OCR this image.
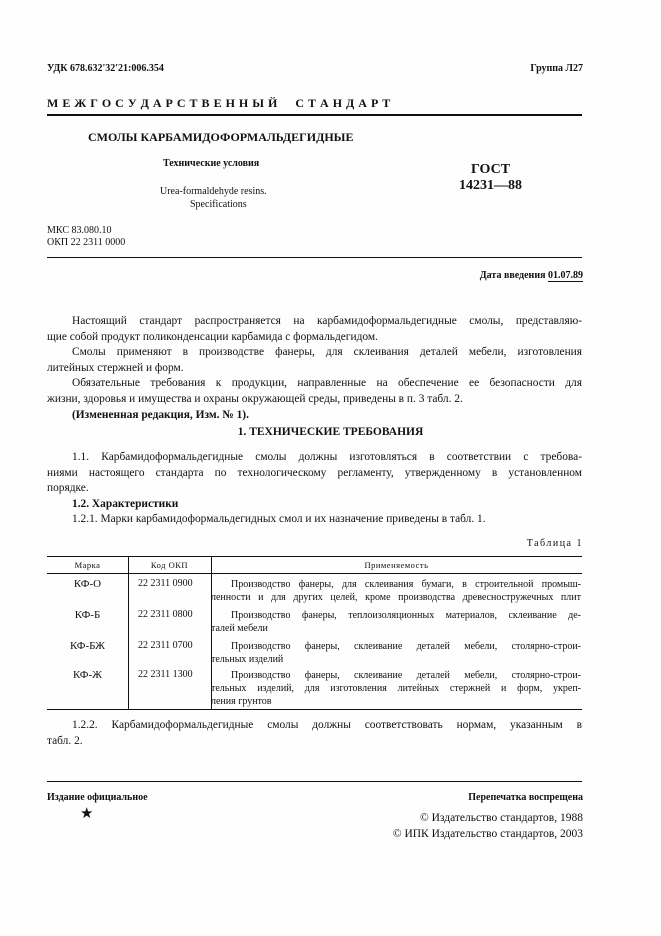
УДК 678.632'32'21:006.354	Группа Л27
М Е Ж Г О С У Д А Р С Т В Е Н Н Ы Й     С Т А Н Д А Р Т
СМОЛЫ КАРБАМИДОФОРМАЛЬДЕГИДНЫЕ
Технические условия
Urea-formaldehyde resins.
Specifications
ГОСТ
14231—88
МКС 83.080.10
ОКП 22 2311 0000
Дата введения 01.07.89
Настоящий стандарт распространяется на карбамидоформальдегидные смолы, представляю-
щие собой продукт поликонденсации карбамида с формальдегидом.
Смолы применяют в производстве фанеры, для склеивания деталей мебели, изготовления
литейных стержней и форм.
Обязательные требования к продукции, направленные на обеспечение ее безопасности для
жизни, здоровья и имущества и охраны окружающей среды, приведены в п. 3 табл. 2.
(Измененная редакция, Изм. № 1).
1. ТЕХНИЧЕСКИЕ ТРЕБОВАНИЯ
1.1. Карбамидоформальдегидные смолы должны изготовляться в соответствии с требова-
ниями настоящего стандарта по технологическому регламенту, утвержденному в установленном
порядке.
1.2. Характеристики
1.2.1. Марки карбамидоформальдегидных смол и их назначение приведены в табл. 1.
Таблица 1
Марка	Код ОКП	Применяемость
КФ-О	22 2311 0900	Производство фанеры, для склеивания бумаги, в строительной промыш-
ленности и для других целей, кроме производства древесностружечных плит
КФ-Б	22 2311 0800	Производство фанеры, теплоизоляционных материалов, склеивание де-
талей мебели
КФ-БЖ	22 2311 0700	Производство фанеры, склеивание деталей мебели, столярно-строи-
тельных изделий
КФ-Ж	22 2311 1300	Производство фанеры, склеивание деталей мебели, столярно-строи-
тельных изделий, для изготовления литейных стержней и форм, укреп-
ления грунтов
1.2.2. Карбамидоформальдегидные смолы должны соответствовать нормам, указанным в
табл. 2.
Издание официальное	Перепечатка воспрещена
★	© Издательство стандартов, 1988
© ИПК Издательство стандартов, 2003
